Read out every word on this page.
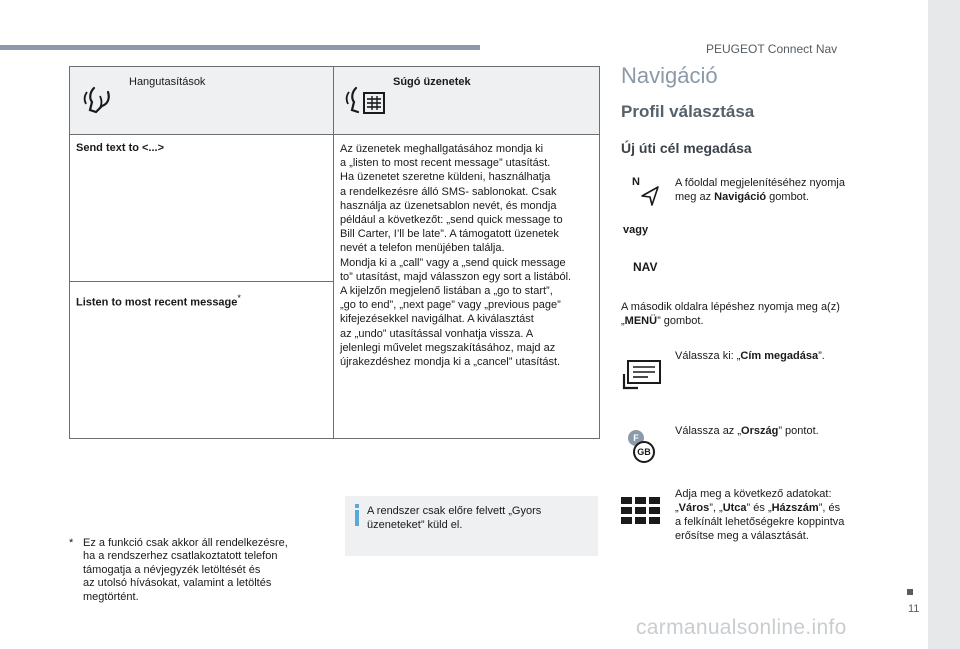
PEUGEOT Connect Nav
Hangutasítások	Súgó üzenetek
Send text to <...>
Listen to most recent message*
Az üzenetek meghallgatásához mondja ki
a „listen to most recent message” utasítást.
Ha üzenetet szeretne küldeni, használhatja
a rendelkezésre álló SMS- sablonokat. Csak
használja az üzenetsablon nevét, és mondja
például a következőt: „send quick message to
Bill Carter, I’ll be late”. A támogatott üzenetek
nevét a telefon menüjében találja.
Mondja ki a „call” vagy a „send quick message
to” utasítást, majd válasszon egy sort a listából.
A kijelzőn megjelenő listában a „go to start”,
„go to end”, „next page” vagy „previous page”
kifejezésekkel navigálhat. A kiválasztást
az „undo” utasítással vonhatja vissza. A
jelenlegi művelet megszakításához, majd az
újrakezdéshez mondja ki a „cancel” utasítást.
* Ez a funkció csak akkor áll rendelkezésre,
ha a rendszerhez csatlakoztatott telefon
támogatja a névjegyzék letöltését és
az utolsó hívásokat, valamint a letöltés
megtörtént.
A rendszer csak előre felvett „Gyors
üzeneteket” küld el.
Navigáció
Profil választása
Új úti cél megadása
N	A főoldal megjelenítéséhez nyomja
meg az Navigáció gombot.
vagy
NAV
A második oldalra lépéshez nyomja meg a(z)
„MENÜ” gombot.
Válassza ki: „Cím megadása”.
F
GB
Válassza az „Ország” pontot.
Adja meg a következő adatokat:
„Város”, „Utca” és „Házszám”, és
a felkínált lehetőségekre koppintva
erősítse meg a választását.
11
carmanualsonline.info
